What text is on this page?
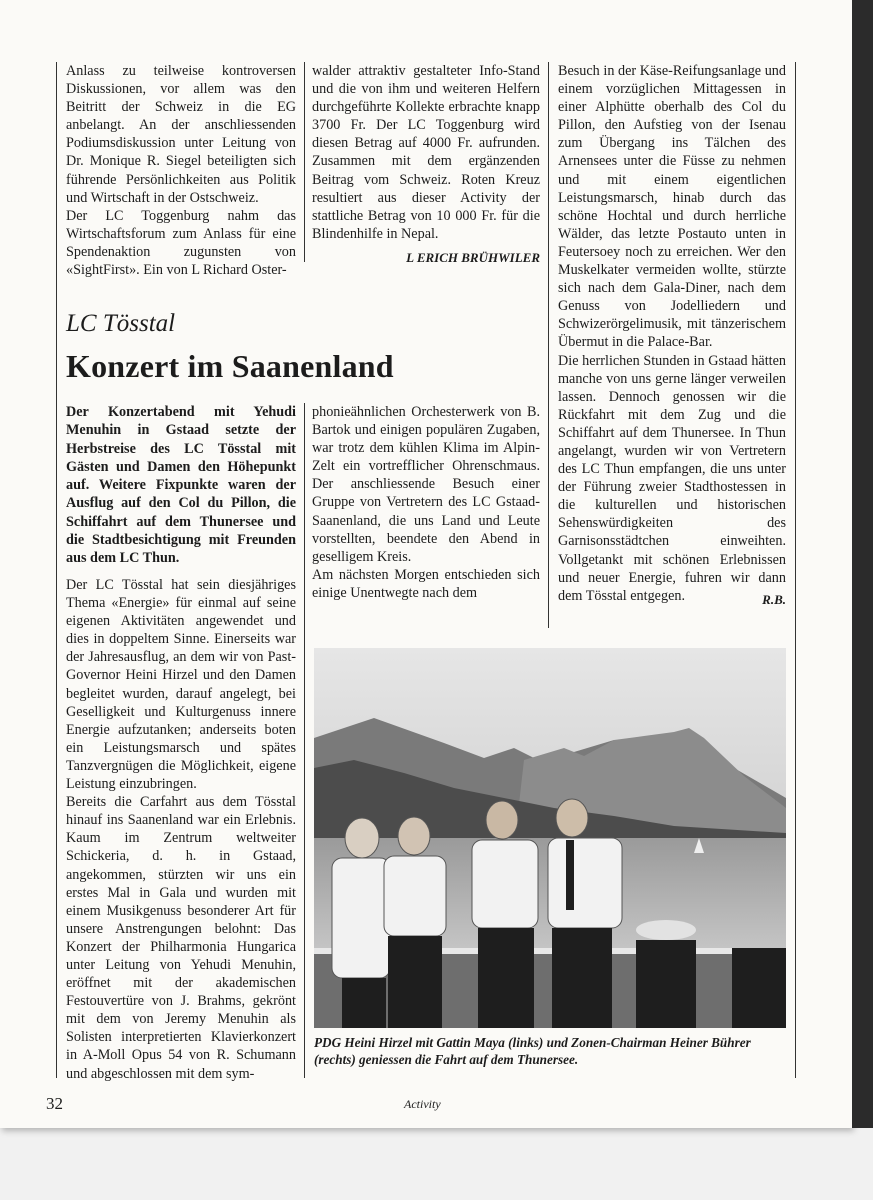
Anlass zu teilweise kontroversen Diskussionen, vor allem was den Beitritt der Schweiz in die EG anbelangt. An der anschliessenden Podiumsdiskussion unter Leitung von Dr. Monique R. Siegel beteiligten sich führende Persönlichkeiten aus Politik und Wirtschaft in der Ostschweiz.

Der LC Toggenburg nahm das Wirtschaftsforum zum Anlass für eine Spendenaktion zugunsten von «SightFirst». Ein von L Richard Oster-

walder attraktiv gestalteter Info-Stand und die von ihm und weiteren Helfern durchgeführte Kollekte erbrachte knapp 3700 Fr. Der LC Toggenburg wird diesen Betrag auf 4000 Fr. aufrunden. Zusammen mit dem ergänzenden Beitrag vom Schweiz. Roten Kreuz resultiert aus dieser Activity der stattliche Betrag von 10 000 Fr. für die Blindenhilfe in Nepal.

L ERICH BRÜHWILER
LC Tösstal
Konzert im Saanenland
Der Konzertabend mit Yehudi Menuhin in Gstaad setzte der Herbstreise des LC Tösstal mit Gästen und Damen den Höhepunkt auf. Weitere Fixpunkte waren der Ausflug auf den Col du Pillon, die Schiffahrt auf dem Thunersee und die Stadtbesichtigung mit Freunden aus dem LC Thun.

Der LC Tösstal hat sein diesjähriges Thema «Energie» für einmal auf seine eigenen Aktivitäten angewendet und dies in doppeltem Sinne. Einerseits war der Jahresausflug, an dem wir von Past-Governor Heini Hirzel und den Damen begleitet wurden, darauf angelegt, bei Geselligkeit und Kulturgenuss innere Energie aufzutanken; anderseits boten ein Leistungsmarsch und spätes Tanzvergnügen die Möglichkeit, eigene Leistung einzubringen.

Bereits die Carfahrt aus dem Tösstal hinauf ins Saanenland war ein Erlebnis. Kaum im Zentrum weltweiter Schickeria, d. h. in Gstaad, angekommen, stürzten wir uns ein erstes Mal in Gala und wurden mit einem Musikgenuss besonderer Art für unsere Anstrengungen belohnt: Das Konzert der Philharmonia Hungarica unter Leitung von Yehudi Menuhin, eröffnet mit der akademischen Festouvertüre von J. Brahms, gekrönt mit dem von Jeremy Menuhin als Solisten interpretierten Klavierkonzert in A-Moll Opus 54 von R. Schumann und abgeschlossen mit dem sym-

phonieähnlichen Orchesterwerk von B. Bartok und einigen populären Zugaben, war trotz dem kühlen Klima im Alpin-Zelt ein vortrefflicher Ohrenschmaus. Der anschliessende Besuch einer Gruppe von Vertretern des LC Gstaad-Saanenland, die uns Land und Leute vorstellten, beendete den Abend in geselligem Kreis.

Am nächsten Morgen entschieden sich einige Unentwegte nach dem

Besuch in der Käse-Reifungsanlage und einem vorzüglichen Mittagessen in einer Alphütte oberhalb des Col du Pillon, den Aufstieg von der Isenau zum Übergang ins Tälchen des Arnensees unter die Füsse zu nehmen und mit einem eigentlichen Leistungsmarsch, hinab durch das schöne Hochtal und durch herrliche Wälder, das letzte Postauto unten in Feutersoey noch zu erreichen. Wer den Muskelkater vermeiden wollte, stürzte sich nach dem Gala-Diner, nach dem Genuss von Jodelliedern und Schwizerörgelimusik, mit tänzerischem Übermut in die Palace-Bar.

Die herrlichen Stunden in Gstaad hätten manche von uns gerne länger verweilen lassen. Dennoch genossen wir die Rückfahrt mit dem Zug und die Schiffahrt auf dem Thunersee. In Thun angelangt, wurden wir von Vertretern des LC Thun empfangen, die uns unter der Führung zweier Stadthostessen in die kulturellen und historischen Sehenswürdigkeiten des Garnisonsstädtchen einweihten. Vollgetankt mit schönen Erlebnissen und neuer Energie, fuhren wir dann dem Tösstal entgegen.	R.B.
PDG Heini Hirzel mit Gattin Maya (links) und Zonen-Chairman Heiner Bührer (rechts) geniessen die Fahrt auf dem Thunersee.
32	Activity
